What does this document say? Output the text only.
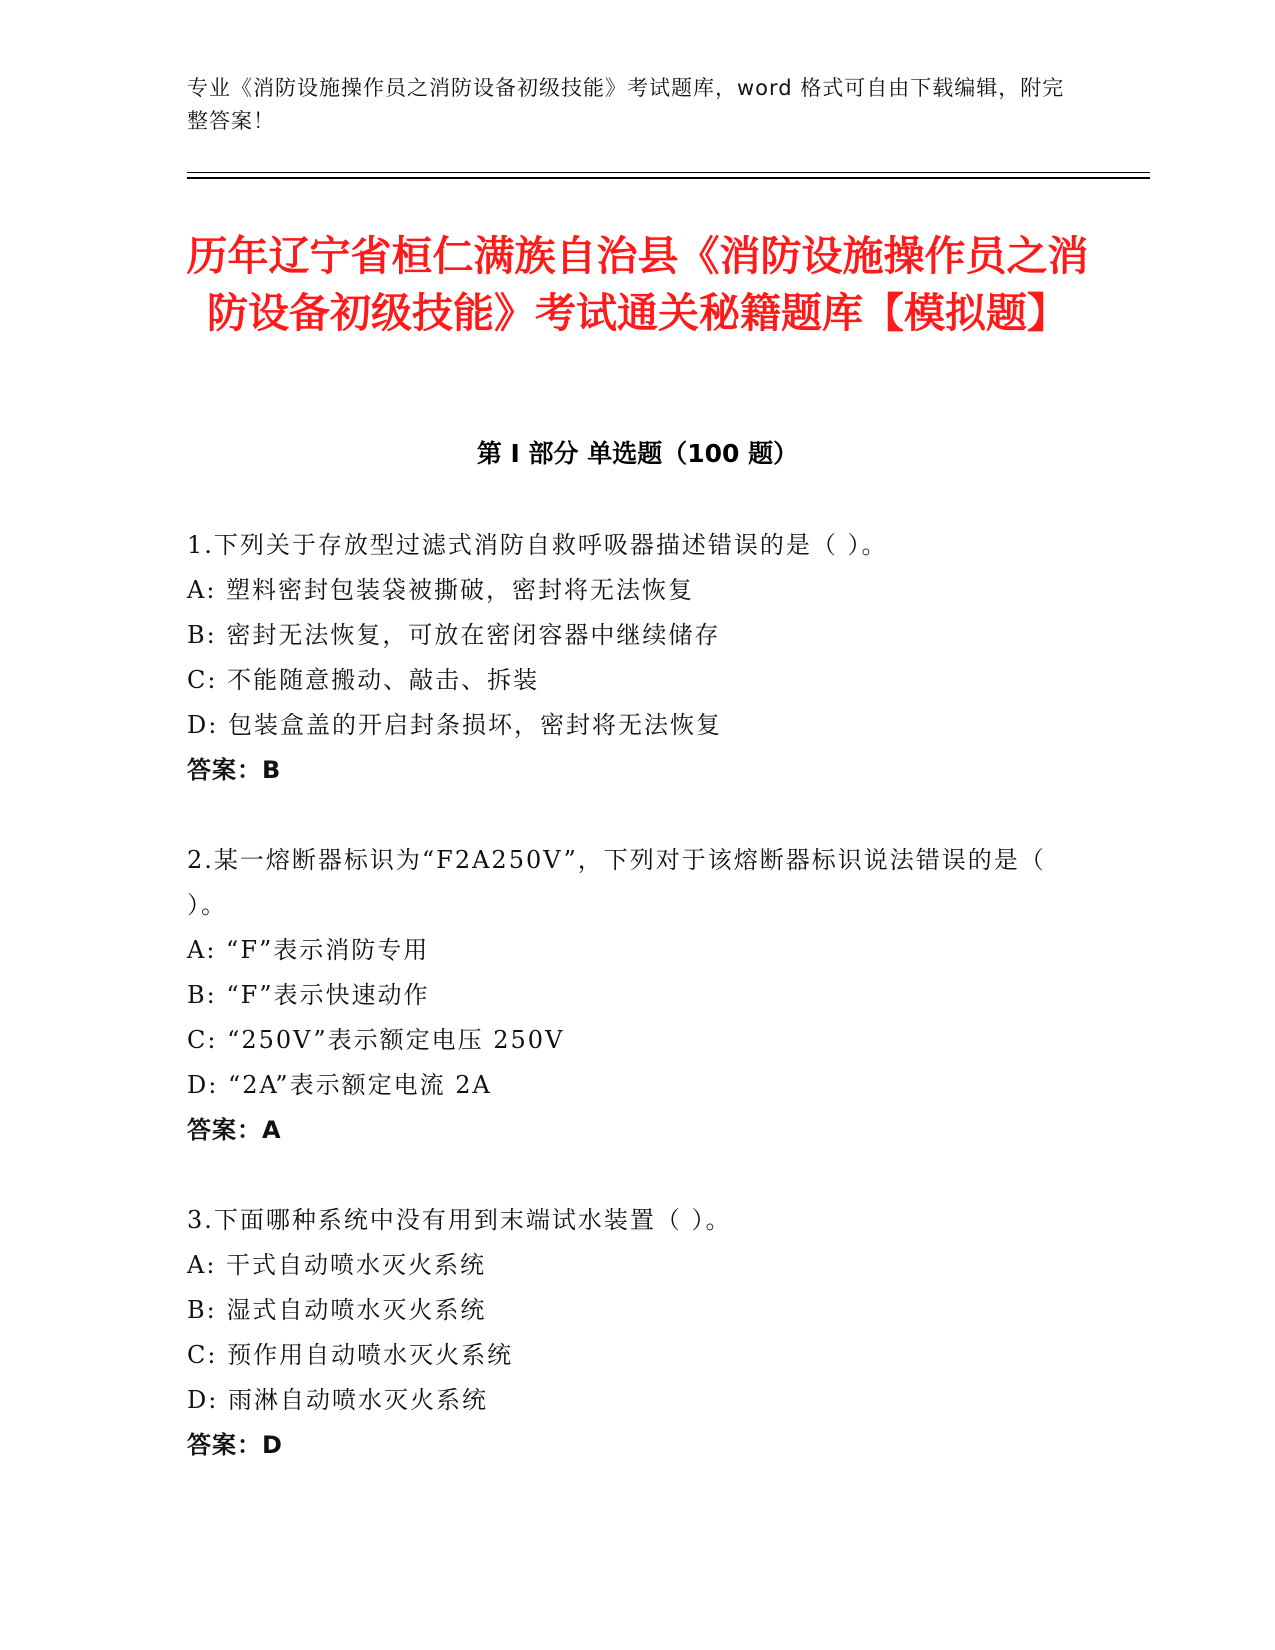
专业《消防设施操作员之消防设备初级技能》考试题库，word 格式可自由下载编辑，附完整答案！
历年辽宁省桓仁满族自治县《消防设施操作员之消防设备初级技能》考试通关秘籍题库【模拟题】
第 I 部分 单选题（100 题）
1.下列关于存放型过滤式消防自救呼吸器描述错误的是（ ）。
A: 塑料密封包装袋被撕破，密封将无法恢复
B: 密封无法恢复，可放在密闭容器中继续储存
C: 不能随意搬动、敲击、拆装
D: 包装盒盖的开启封条损坏，密封将无法恢复
答案：B
2.某一熔断器标识为“F2A250V”，下列对于该熔断器标识说法错误的是（ ）。
A: “F”表示消防专用
B: “F”表示快速动作
C: “250V”表示额定电压 250V
D: “2A”表示额定电流 2A
答案：A
3.下面哪种系统中没有用到末端试水装置（ ）。
A: 干式自动喷水灭火系统
B: 湿式自动喷水灭火系统
C: 预作用自动喷水灭火系统
D: 雨淋自动喷水灭火系统
答案：D
